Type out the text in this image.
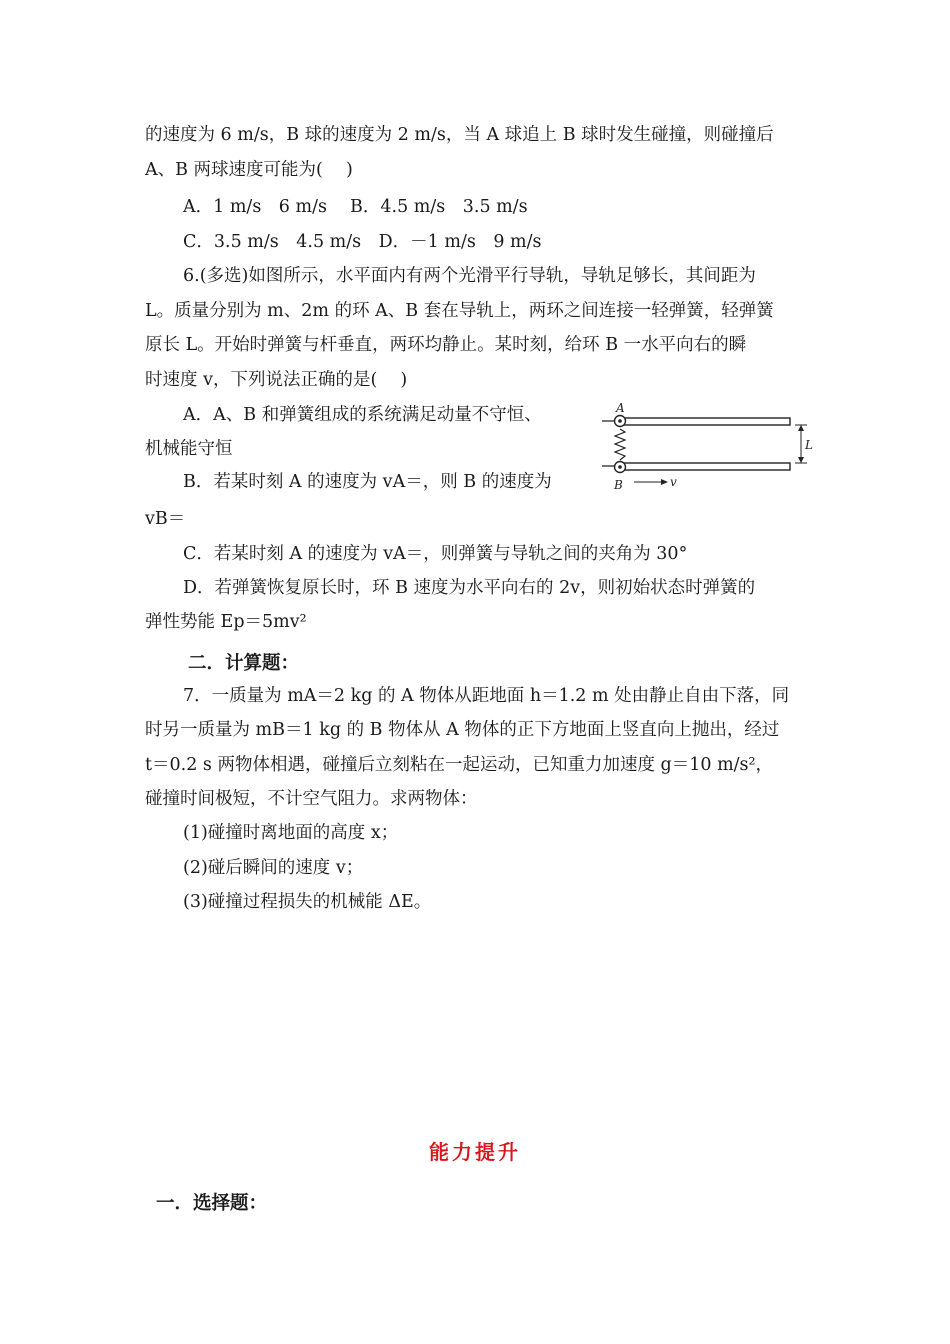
的速度为 6 m/s，B 球的速度为 2 m/s，当 A 球追上 B 球时发生碰撞，则碰撞后
A、B 两球速度可能为(　 )
A．1 m/s　6 m/s　 B．4.5 m/s　3.5 m/s
C．3.5 m/s　4.5 m/s　D．－1 m/s　9 m/s
6.(多选)如图所示，水平面内有两个光滑平行导轨，导轨足够长，其间距为
L。质量分别为 m、2m 的环 A、B 套在导轨上，两环之间连接一轻弹簧，轻弹簧
原长 L。开始时弹簧与杆垂直，两环均静止。某时刻，给环 B 一水平向右的瞬
时速度 v，下列说法正确的是(　 )
A．A、B 和弹簧组成的系统满足动量不守恒、
机械能守恒
B．若某时刻 A 的速度为 vA＝，则 B 的速度为
vB＝
C．若某时刻 A 的速度为 vA＝，则弹簧与导轨之间的夹角为 30°
D．若弹簧恢复原长时，环 B 速度为水平向右的 2v，则初始状态时弹簧的
弹性势能 Ep＝5mv²
二．计算题：
7．一质量为 mA＝2 kg 的 A 物体从距地面 h＝1.2 m 处由静止自由下落，同
时另一质量为 mB＝1 kg 的 B 物体从 A 物体的正下方地面上竖直向上抛出，经过
t＝0.2 s 两物体相遇，碰撞后立刻粘在一起运动，已知重力加速度 g＝10 m/s²，
碰撞时间极短，不计空气阻力。求两物体：
(1)碰撞时离地面的高度 x；
(2)碰后瞬间的速度 v；
(3)碰撞过程损失的机械能 ΔE。
A
B
L
v
能力提升
一．选择题：
